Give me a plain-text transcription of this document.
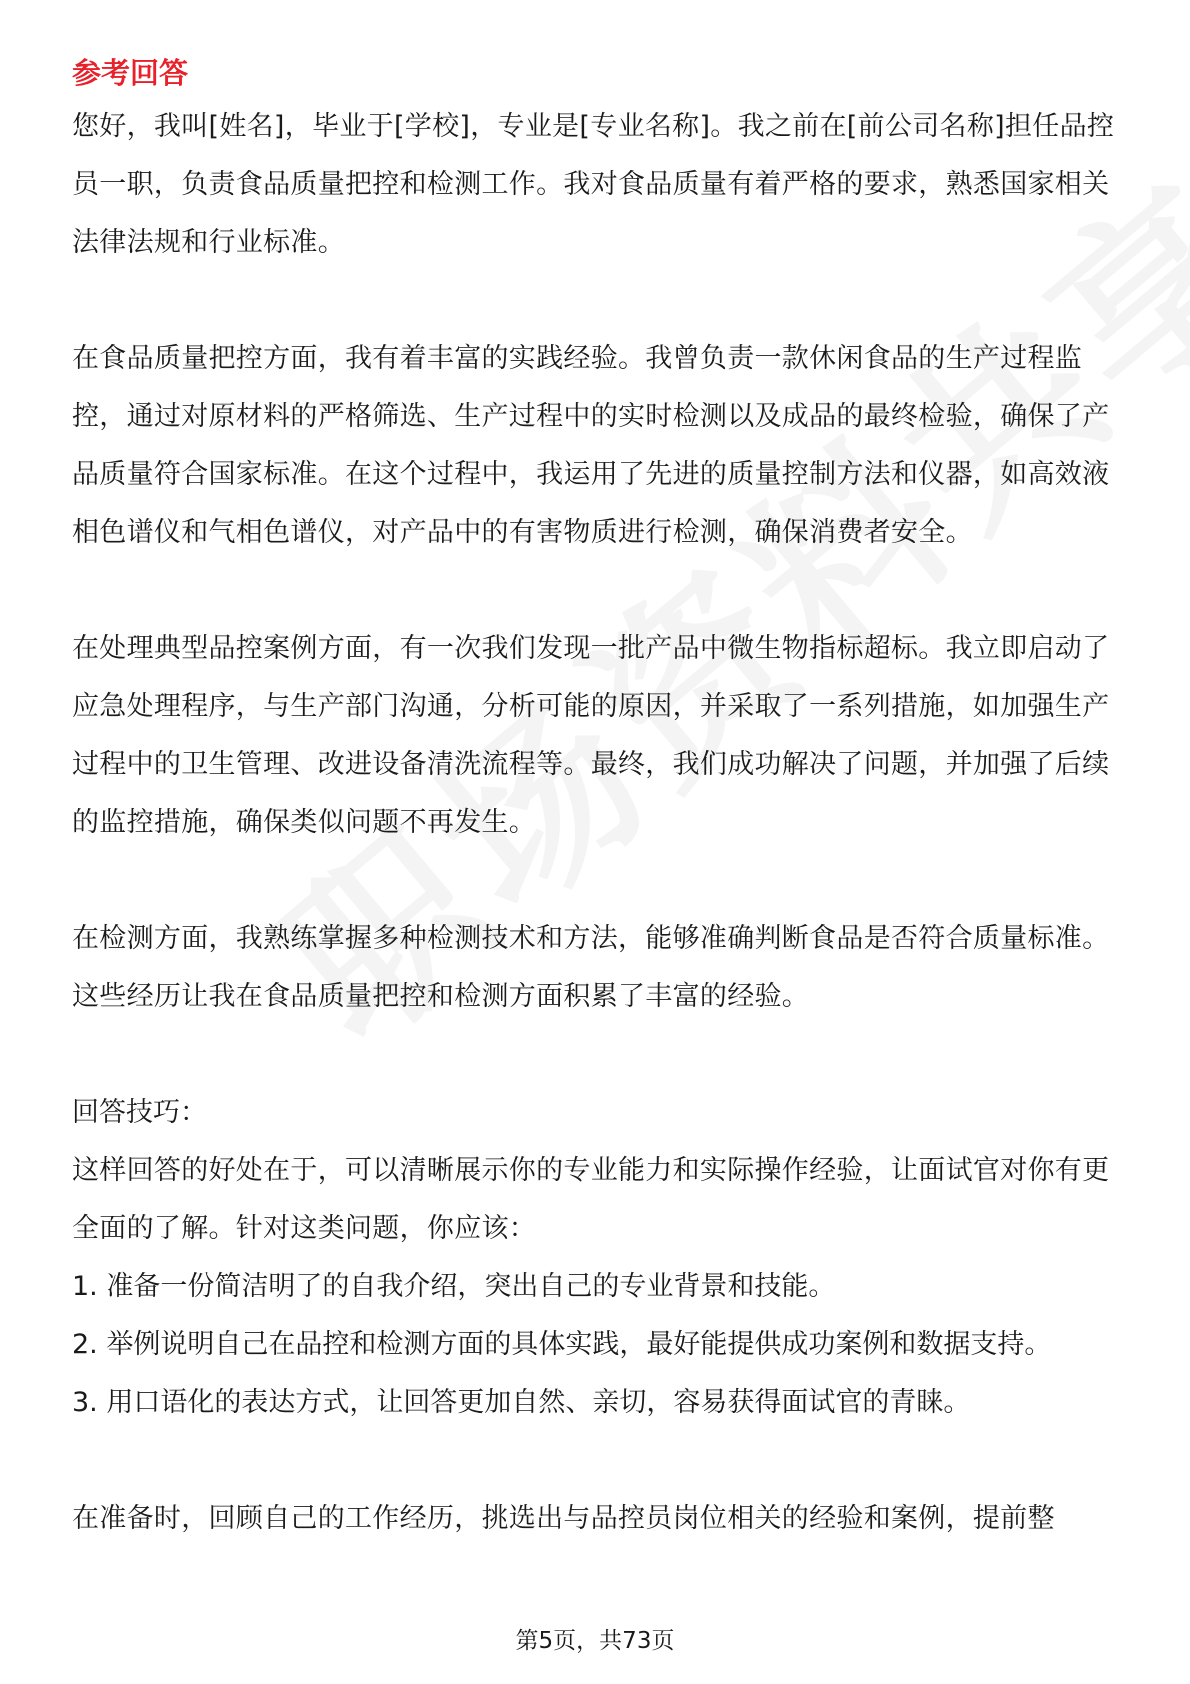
参考回答

您好，我叫[姓名]，毕业于[学校]，专业是[专业名称]。我之前在[前公司名称]担任品控员一职，负责食品质量把控和检测工作。我对食品质量有着严格的要求，熟悉国家相关法律法规和行业标准。

在食品质量把控方面，我有着丰富的实践经验。我曾负责一款休闲食品的生产过程监控，通过对原材料的严格筛选、生产过程中的实时检测以及成品的最终检验，确保了产品质量符合国家标准。在这个过程中，我运用了先进的质量控制方法和仪器，如高效液相色谱仪和气相色谱仪，对产品中的有害物质进行检测，确保消费者安全。

在处理典型品控案例方面，有一次我们发现一批产品中微生物指标超标。我立即启动了应急处理程序，与生产部门沟通，分析可能的原因，并采取了一系列措施，如加强生产过程中的卫生管理、改进设备清洗流程等。最终，我们成功解决了问题，并加强了后续的监控措施，确保类似问题不再发生。

在检测方面，我熟练掌握多种检测技术和方法，能够准确判断食品是否符合质量标准。这些经历让我在食品质量把控和检测方面积累了丰富的经验。

回答技巧：

这样回答的好处在于，可以清晰展示你的专业能力和实际操作经验，让面试官对你有更全面的了解。针对这类问题，你应该：

1. 准备一份简洁明了的自我介绍，突出自己的专业背景和技能。

2. 举例说明自己在品控和检测方面的具体实践，最好能提供成功案例和数据支持。

3. 用口语化的表达方式，让回答更加自然、亲切，容易获得面试官的青睐。

在准备时，回顾自己的工作经历，挑选出与品控员岗位相关的经验和案例，提前整

第5页，共73页
